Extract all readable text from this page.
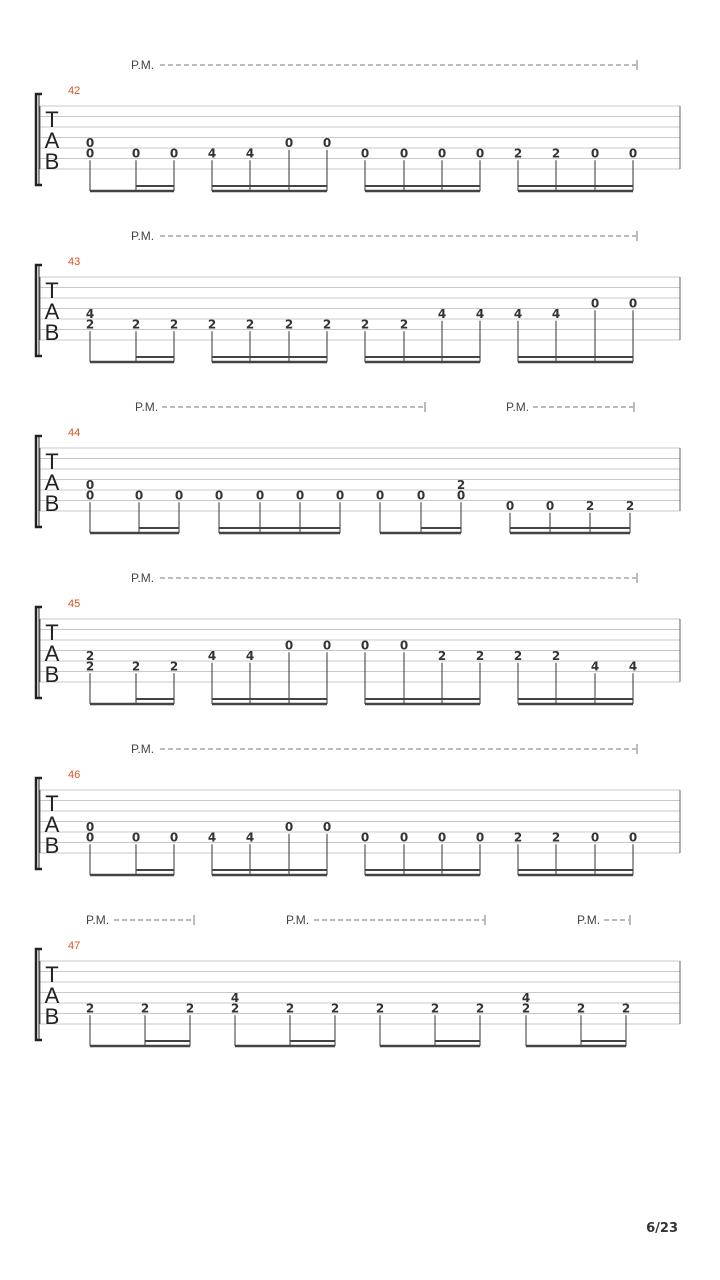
P.M.
42
T
A
B
0
0	0 0 4 4
0 0
0	0 0 0 2 2	0 0
P.M.
43
T
A
B
4
2	2 2 2 2	2 2 2	2
4 4 4 4
0 0
P.M.	P.M.
44
T
A
B
0
0	0	0	0	0	0	0	0	0
2
0
0	0	2	2
P.M.
45
T
A
B
2
2	2 2
4 4
0 0 0	0
2 2 2 2
4 4
P.M.
46
T
A
B
0
0	0 0 4 4
0 0
0	0 0 0 2 2	0 0
P.M.	P.M.	P.M.
47
T
A
B 2	2	2
4
2	2	2	2	2	2
4
2	2	2
6/23
